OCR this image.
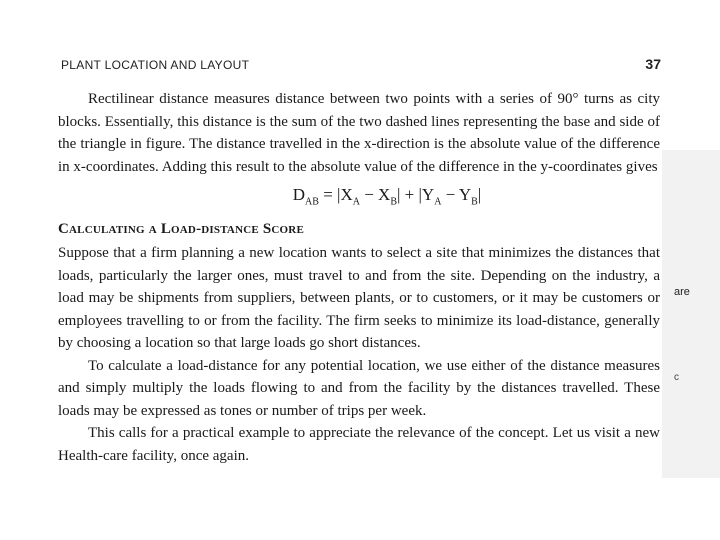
are
c
PLANT LOCATION AND LAYOUT	37

Rectilinear distance measures distance between two points with a series of 90° turns as city blocks. Essentially, this distance is the sum of the two dashed lines representing the base and side of the triangle in figure. The distance travelled in the x-direction is the absolute value of the difference in x-coordinates. Adding this result to the absolute value of the difference in the y-coordinates gives

$D_{AB} = |X_A - X_B| + |Y_A - Y_B|$
Calculating a Load-distance Score

Suppose that a firm planning a new location wants to select a site that minimizes the distances that loads, particularly the larger ones, must travel to and from the site. Depending on the industry, a load may be shipments from suppliers, between plants, or to customers, or it may be customers or employees travelling to or from the facility. The firm seeks to minimize its load-distance, generally by choosing a location so that large loads go short distances.

To calculate a load-distance for any potential location, we use either of the distance measures and simply multiply the loads flowing to and from the facility by the distances travelled. These loads may be expressed as tones or number of trips per week.

This calls for a practical example to appreciate the relevance of the concept. Let us visit a new Health-care facility, once again.
